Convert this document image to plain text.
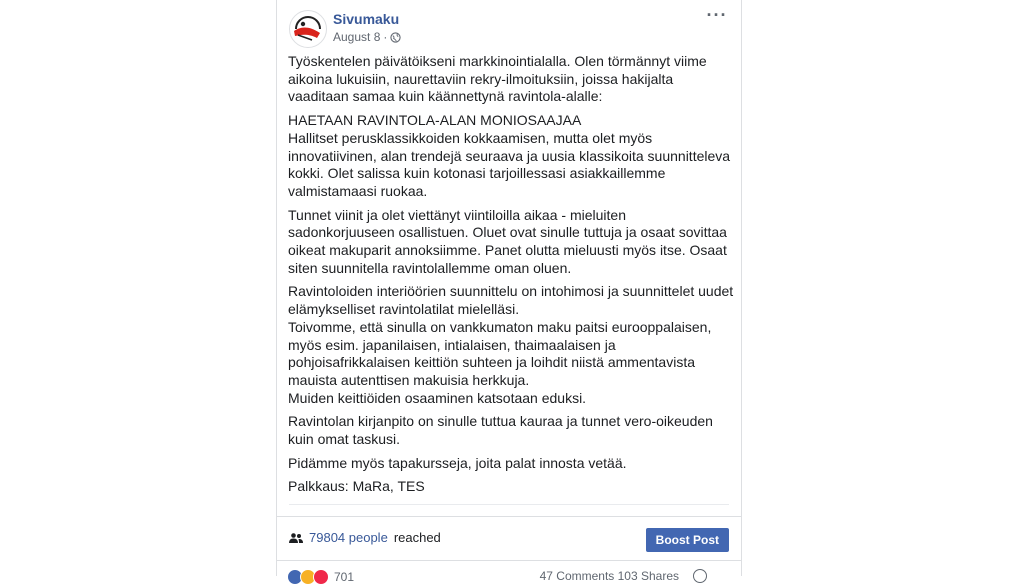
Sivumaku
August 8 ·
···

Työskentelen päivätöikseni markkinointialalla. Olen törmännyt viime aikoina lukuisiin, naurettaviin rekry-ilmoituksiin, joissa hakijalta vaaditaan samaa kuin käännettynä ravintola-alalle:

HAETAAN RAVINTOLA-ALAN MONIOSAAJAA
Hallitset perusklassikkoiden kokkaamisen, mutta olet myös innovatiivinen, alan trendejä seuraava ja uusia klassikoita suunnitteleva kokki. Olet salissa kuin kotonasi tarjoillessasi asiakkaillemme valmistamaasi ruokaa.

Tunnet viinit ja olet viettänyt viintiloilla aikaa - mieluiten sadonkorjuuseen osallistuen. Oluet ovat sinulle tuttuja ja osaat sovittaa oikeat makuparit annoksiimme. Panet oluttа mieluusti myös itse. Osaat siten suunnitella ravintolallemme oman oluen.

Ravintoloiden interiöörien suunnittelu on intohimosi ja suunnittelet uudet elämykselliset ravintolatilat mielelläsi.
Toivomme, että sinulla on vankkumaton maku paitsi eurooppalaisen, myös esim. japanilaisen, intialaisen, thaimaalaisen ja pohjoisafrikkalaisen keittiön suhteen ja loihdit niistä ammentavista mauista autenttisen makuisia herkkuja.
Muiden keittiöiden osaaminen katsotaan eduksi.

Ravintolan kirjanpito on sinulle tuttua kauraa ja tunnet vero-oikeuden kuin omat taskusi.

Pidämme myös tapakursseja, joita palat innosta vetää.

Palkkaus: MaRa, TES

79804 people reached	Boost Post
701	47 Comments 103 Shares
